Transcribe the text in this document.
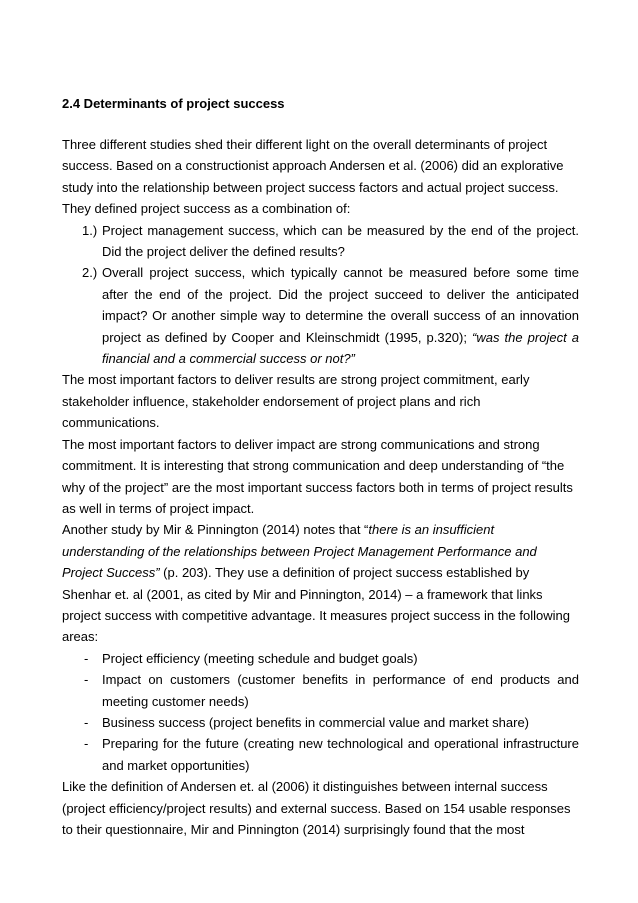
2.4 Determinants of project success

Three different studies shed their different light on the overall determinants of project success. Based on a constructionist approach Andersen et al. (2006) did an explorative study into the relationship between project success factors and actual project success. They defined project success as a combination of:

1.) Project management success, which can be measured by the end of the project. Did the project deliver the defined results?
2.) Overall project success, which typically cannot be measured before some time after the end of the project. Did the project succeed to deliver the anticipated impact? Or another simple way to determine the overall success of an innovation project as defined by Cooper and Kleinschmidt (1995, p.320); “was the project a financial and a commercial success or not?”

The most important factors to deliver results are strong project commitment, early stakeholder influence, stakeholder endorsement of project plans and rich communications.

The most important factors to deliver impact are strong communications and strong commitment. It is interesting that strong communication and deep understanding of “the why of the project” are the most important success factors both in terms of project results as well in terms of project impact.

Another study by Mir & Pinnington (2014) notes that “there is an insufficient understanding of the relationships between Project Management Performance and Project Success” (p. 203). They use a definition of project success established by Shenhar et. al (2001, as cited by Mir and Pinnington, 2014) – a framework that links project success with competitive advantage. It measures project success in the following areas:

- Project efficiency (meeting schedule and budget goals)
- Impact on customers (customer benefits in performance of end products and meeting customer needs)
- Business success (project benefits in commercial value and market share)
- Preparing for the future (creating new technological and operational infrastructure and market opportunities)

Like the definition of Andersen et. al (2006) it distinguishes between internal success (project efficiency/project results) and external success. Based on 154 usable responses to their questionnaire, Mir and Pinnington (2014) surprisingly found that the most
